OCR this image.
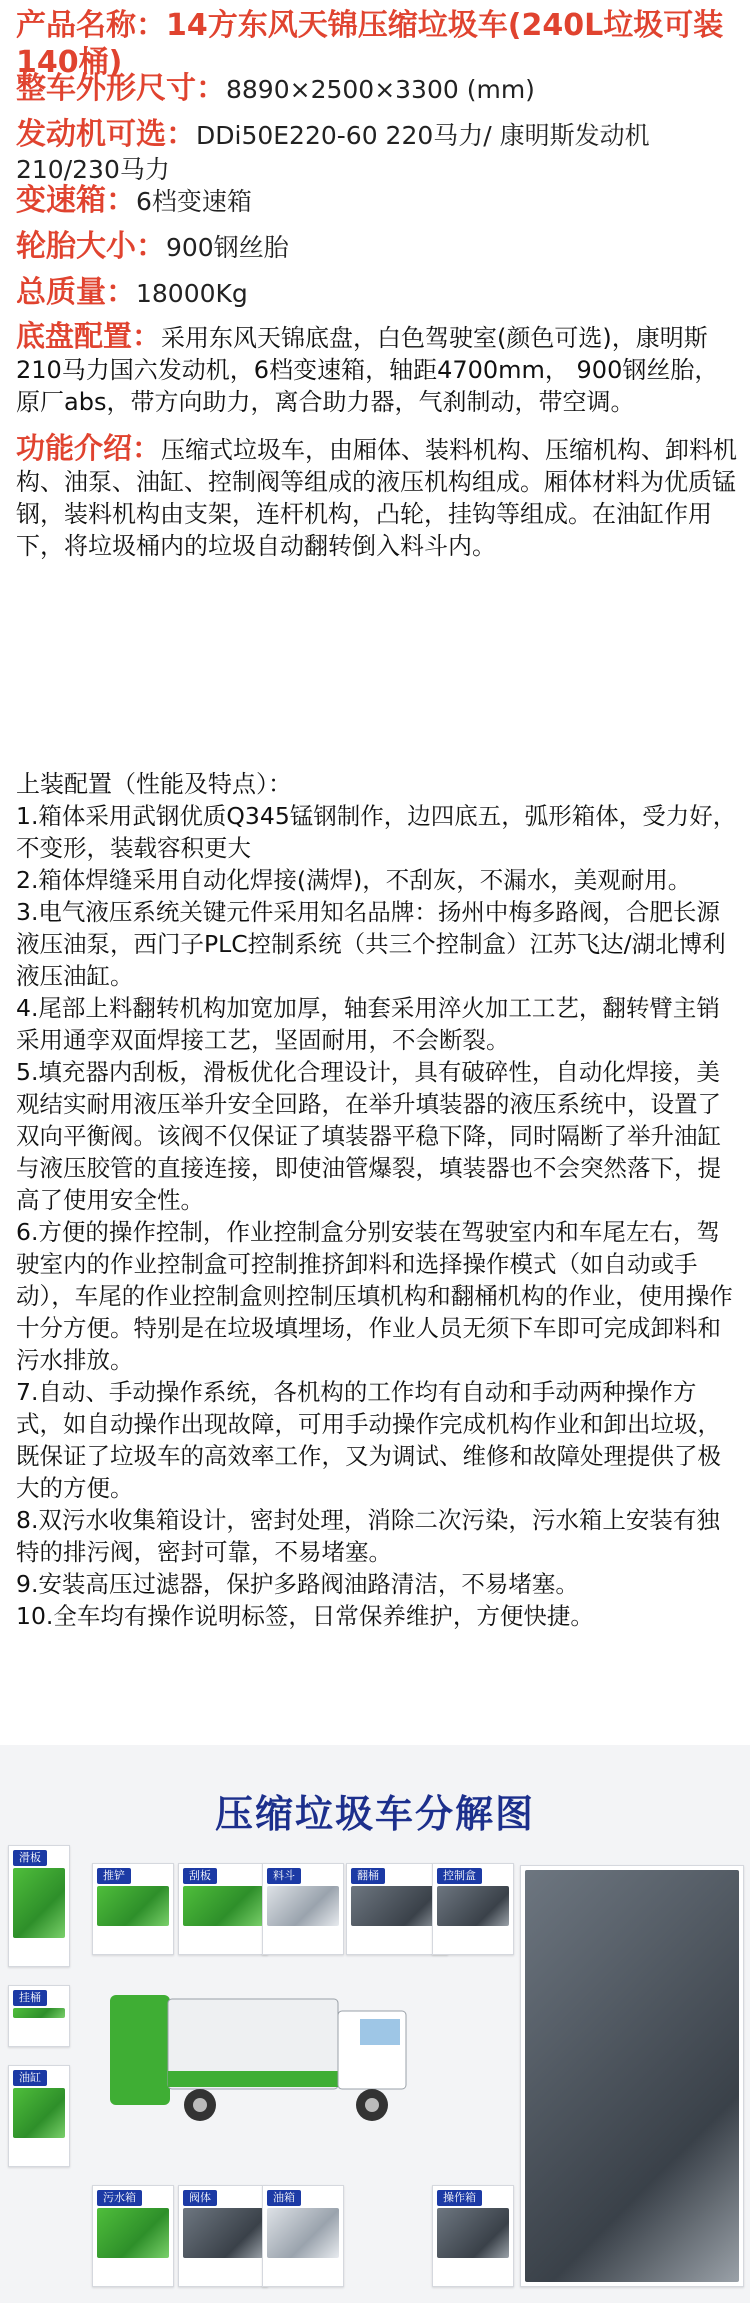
产品名称：14方东风天锦压缩垃圾车(240L垃圾可装140桶)
整车外形尺寸：8890×2500×3300 (mm)
发动机可选：DDi50E220-60 220马力/ 康明斯发动机210/230马力
变速箱：6档变速箱
轮胎大小：900钢丝胎
总质量：18000Kg

底盘配置：采用东风天锦底盘，白色驾驶室(颜色可选)，康明斯210马力国六发动机，6档变速箱，轴距4700mm， 900钢丝胎，原厂abs，带方向助力，离合助力器，气刹制动，带空调。

功能介绍：压缩式垃圾车，由厢体、装料机构、压缩机构、卸料机构、油泵、油缸、控制阀等组成的液压机构组成。厢体材料为优质锰钢，装料机构由支架，连杆机构，凸轮，挂钩等组成。在油缸作用下，将垃圾桶内的垃圾自动翻转倒入料斗内。

上装配置（性能及特点）：
1.箱体采用武钢优质Q345锰钢制作，边四底五，弧形箱体，受力好，不变形，装载容积更大
2.箱体焊缝采用自动化焊接(满焊)，不刮灰，不漏水，美观耐用。
3.电气液压系统关键元件采用知名品牌：扬州中梅多路阀，合肥长源液压油泵，西门子PLC控制系统（共三个控制盒）江苏飞达/湖北博利液压油缸。
4.尾部上料翻转机构加宽加厚，轴套采用淬火加工工艺，翻转臂主销采用通孪双面焊接工艺，坚固耐用，不会断裂。
5.填充器内刮板，滑板优化合理设计，具有破碎性，自动化焊接，美观结实耐用液压举升安全回路，在举升填装器的液压系统中，设置了双向平衡阀。该阀不仅保证了填装器平稳下降，同时隔断了举升油缸与液压胶管的直接连接，即使油管爆裂，填装器也不会突然落下，提高了使用安全性。
6.方便的操作控制，作业控制盒分别安装在驾驶室内和车尾左右，驾驶室内的作业控制盒可控制推挤卸料和选择操作模式（如自动或手动），车尾的作业控制盒则控制压填机构和翻桶机构的作业，使用操作十分方便。特别是在垃圾填埋场，作业人员无须下车即可完成卸料和污水排放。
7.自动、手动操作系统，各机构的工作均有自动和手动两种操作方式，如自动操作出现故障，可用手动操作完成机构作业和卸出垃圾，既保证了垃圾车的高效率工作，又为调试、维修和故障处理提供了极大的方便。
8.双污水收集箱设计，密封处理，消除二次污染，污水箱上安装有独特的排污阀，密封可靠，不易堵塞。
9.安装高压过滤器，保护多路阀油路清洁，不易堵塞。
10.全车均有操作说明标签，日常保养维护，方便快捷。
压缩垃圾车分解图
滑板
推铲	刮板	料斗	翻桶	控制盒
挂桶
油缸
污水箱	阀体	油箱	操作箱
